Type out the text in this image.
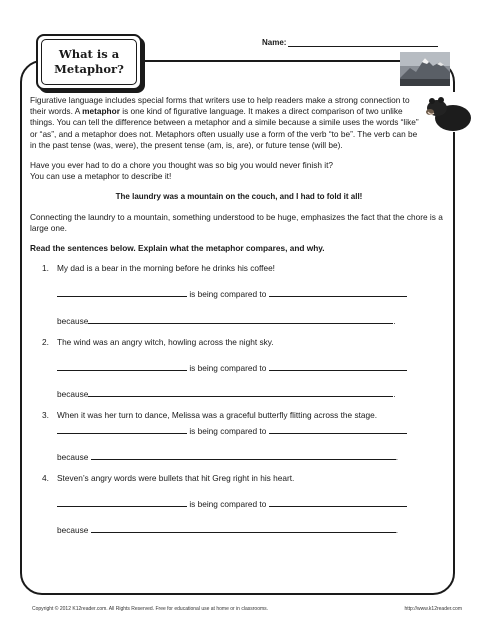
What is a
Metaphor?
Name:

Figurative language includes special forms that writers use to help readers make a strong connection to their words. A metaphor is one kind of figurative language. It makes a direct comparison of two unlike things. You can tell the difference between a metaphor and a simile because a simile uses the words “like” or “as”, and a metaphor does not. Metaphors often usually use a form of the verb “to be”. The verb can be in the past tense (was, were), the present tense (am, is, are), or future tense (will be).

Have you ever had to do a chore you thought was so big you would never finish it?

You can use a metaphor to describe it!

The laundry was a mountain on the couch, and I had to fold it all!

Connecting the laundry to a mountain, something understood to be huge, emphasizes the fact that the chore is a large one.

Read the sentences below. Explain what the metaphor compares, and why.

1. My dad is a bear in the morning before he drinks his coffee!
is being compared to
because	.
2. The wind was an angry witch, howling across the night sky.
is being compared to
because	.
3. When it was her turn to dance, Melissa was a graceful butterfly flitting across the stage.
is being compared to
because	.
4. Steven’s angry words were bullets that hit Greg right in his heart.
is being compared to
because	.
Copyright © 2012 K12reader.com. All Rights Reserved. Free for educational use at home or in classrooms.	http://www.k12reader.com
